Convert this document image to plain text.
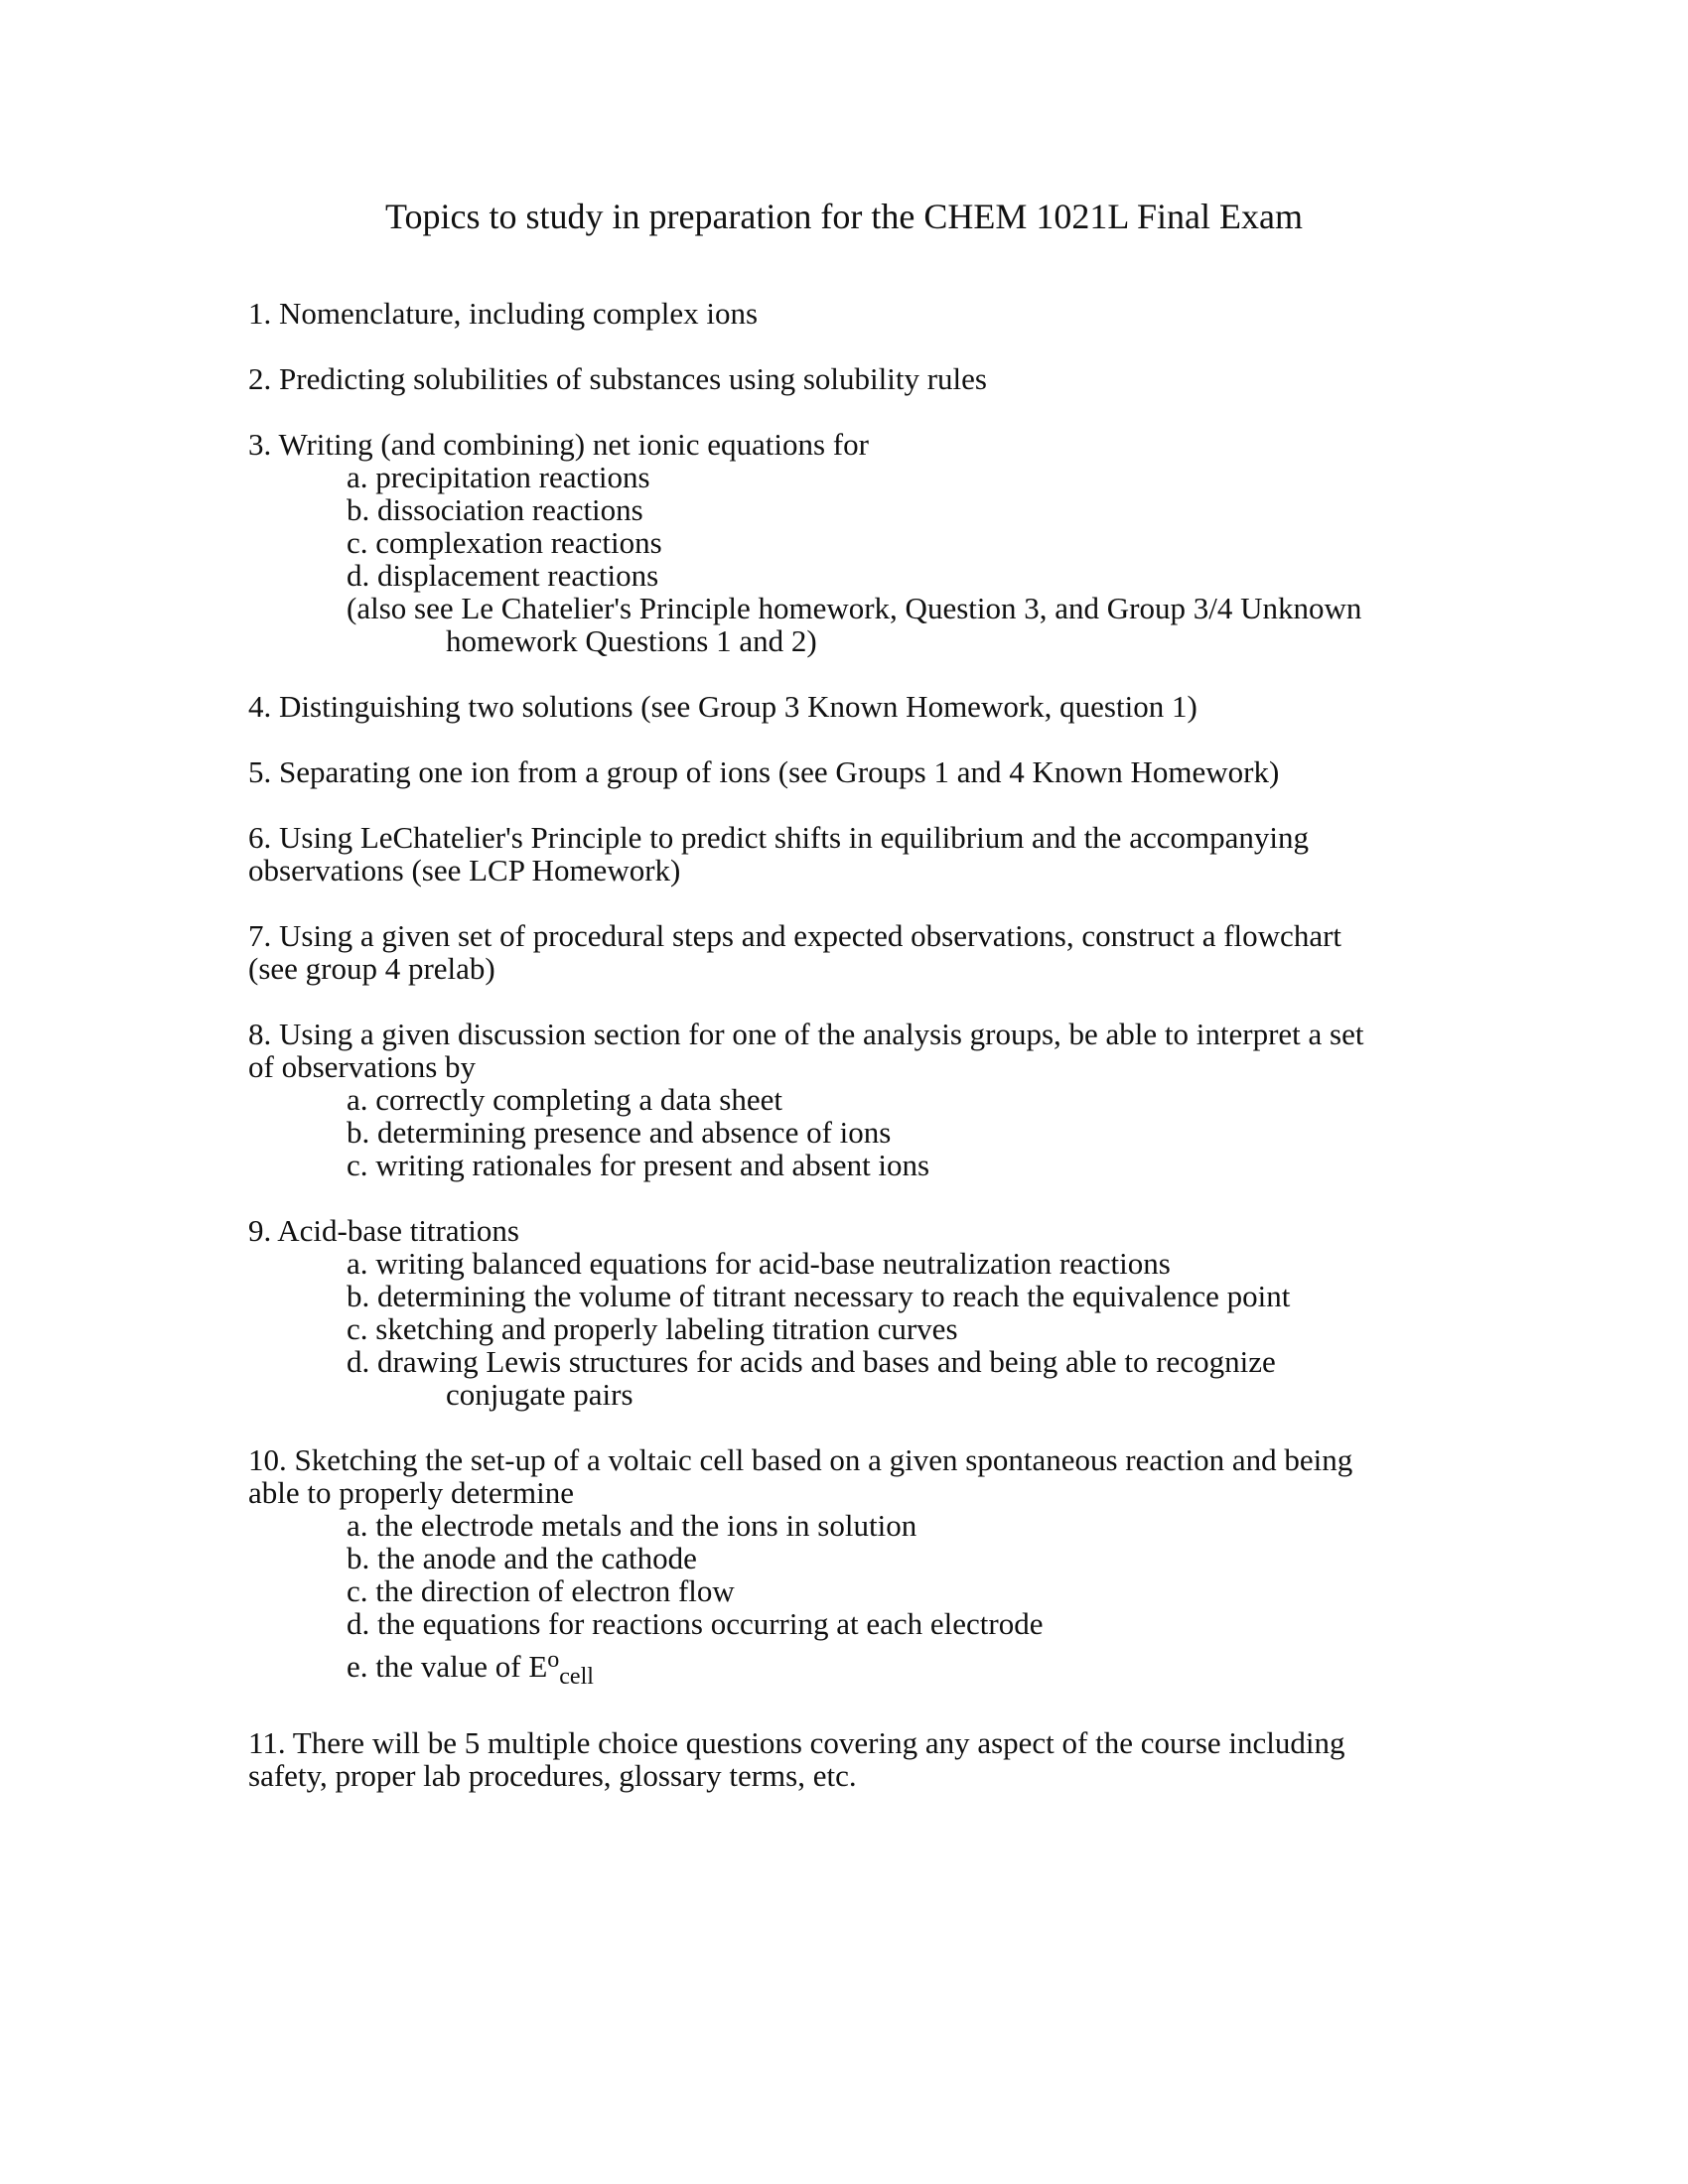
Topics to study in preparation for the CHEM 1021L Final Exam
1. Nomenclature, including complex ions
2. Predicting solubilities of substances using solubility rules
3. Writing (and combining) net ionic equations for
a. precipitation reactions
b. dissociation reactions
c. complexation reactions
d. displacement reactions
(also see Le Chatelier's Principle homework, Question 3, and Group 3/4 Unknown
homework Questions 1 and 2)
4. Distinguishing two solutions (see Group 3 Known Homework, question 1)
5. Separating one ion from a group of ions (see Groups 1 and 4 Known Homework)
6. Using LeChatelier's Principle to predict shifts in equilibrium and the accompanying
observations (see LCP Homework)
7. Using a given set of procedural steps and expected observations, construct a flowchart
(see group 4 prelab)
8. Using a given discussion section for one of the analysis groups, be able to interpret a set
of observations by
a. correctly completing a data sheet
b. determining presence and absence of ions
c. writing rationales for present and absent ions
9. Acid-base titrations
a. writing balanced equations for acid-base neutralization reactions
b. determining the volume of titrant necessary to reach the equivalence point
c. sketching and properly labeling titration curves
d. drawing Lewis structures for acids and bases and being able to recognize
conjugate pairs
10. Sketching the set-up of a voltaic cell based on a given spontaneous reaction and being
able to properly determine
a. the electrode metals and the ions in solution
b. the anode and the cathode
c. the direction of electron flow
d. the equations for reactions occurring at each electrode
e. the value of $E^o_{cell}$
11. There will be 5 multiple choice questions covering any aspect of the course including
safety, proper lab procedures, glossary terms, etc.
